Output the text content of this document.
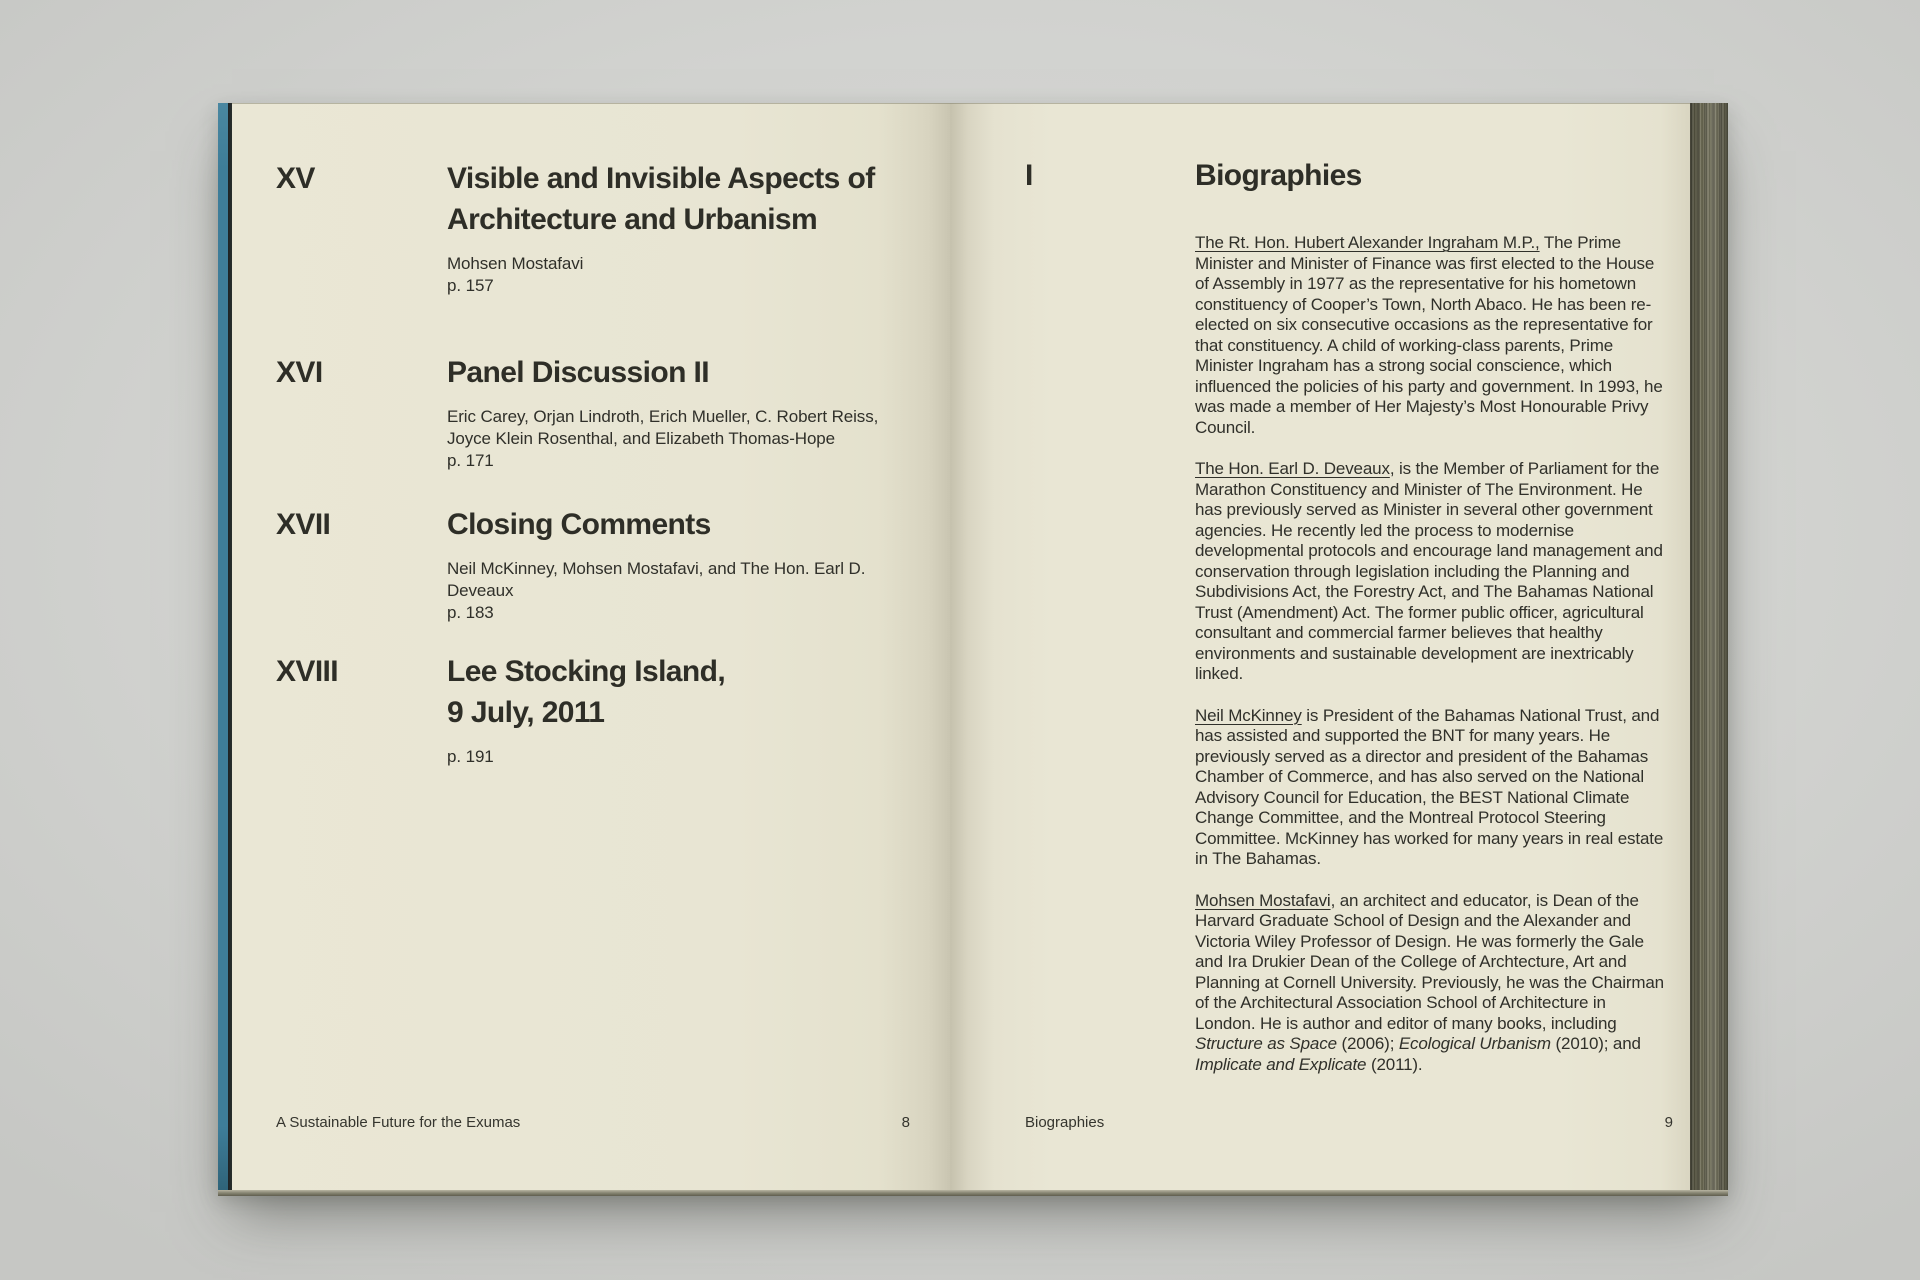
XV	Visible and Invisible Aspects of
Architecture and Urbanism
Mohsen Mostafavi
p. 157
XVI	Panel Discussion II
Eric Carey, Orjan Lindroth, Erich Mueller, C. Robert Reiss,
Joyce Klein Rosenthal, and Elizabeth Thomas-Hope
p. 171
XVII	Closing Comments
Neil McKinney, Mohsen Mostafavi, and The Hon. Earl D. Deveaux
p. 183
XVIII	Lee Stocking Island,
9 July, 2011
p. 191
A Sustainable Future for the Exumas	8
I	Biographies

The Rt. Hon. Hubert Alexander Ingraham M.P., The Prime Minister and Minister of Finance was first elected to the House of Assembly in 1977 as the representative for his hometown constituency of Cooper’s Town, North Abaco. He has been re-elected on six consecutive occasions as the representative for that constituency. A child of working-class parents, Prime Minister Ingraham has a strong social conscience, which influenced the policies of his party and government. In 1993, he was made a member of Her Majesty’s Most Honourable Privy Council.

The Hon. Earl D. Deveaux, is the Member of Parliament for the Marathon Constituency and Minister of The Environment. He has previously served as Minister in several other government agencies. He recently led the process to modernise developmental protocols and encourage land management and conservation through legislation including the Planning and Subdivisions Act, the Forestry Act, and The Bahamas National Trust (Amendment) Act. The former public officer, agricultural consultant and commercial farmer believes that healthy environments and sustainable development are inextricably linked.

Neil McKinney is President of the Bahamas National Trust, and has assisted and supported the BNT for many years. He previously served as a director and president of the Bahamas Chamber of Commerce, and has also served on the National Advisory Council for Education, the BEST National Climate Change Committee, and the Montreal Protocol Steering Committee. McKinney has worked for many years in real estate in The Bahamas.

Mohsen Mostafavi, an architect and educator, is Dean of the Harvard Graduate School of Design and the Alexander and Victoria Wiley Professor of Design. He was formerly the Gale and Ira Drukier Dean of the College of Archtecture, Art and Planning at Cornell University. Previously, he was the Chairman of the Architectural Association School of Architecture in London. He is author and editor of many books, including Structure as Space (2006); Ecological Urbanism (2010); and Implicate and Explicate (2011).

Biographies	9
